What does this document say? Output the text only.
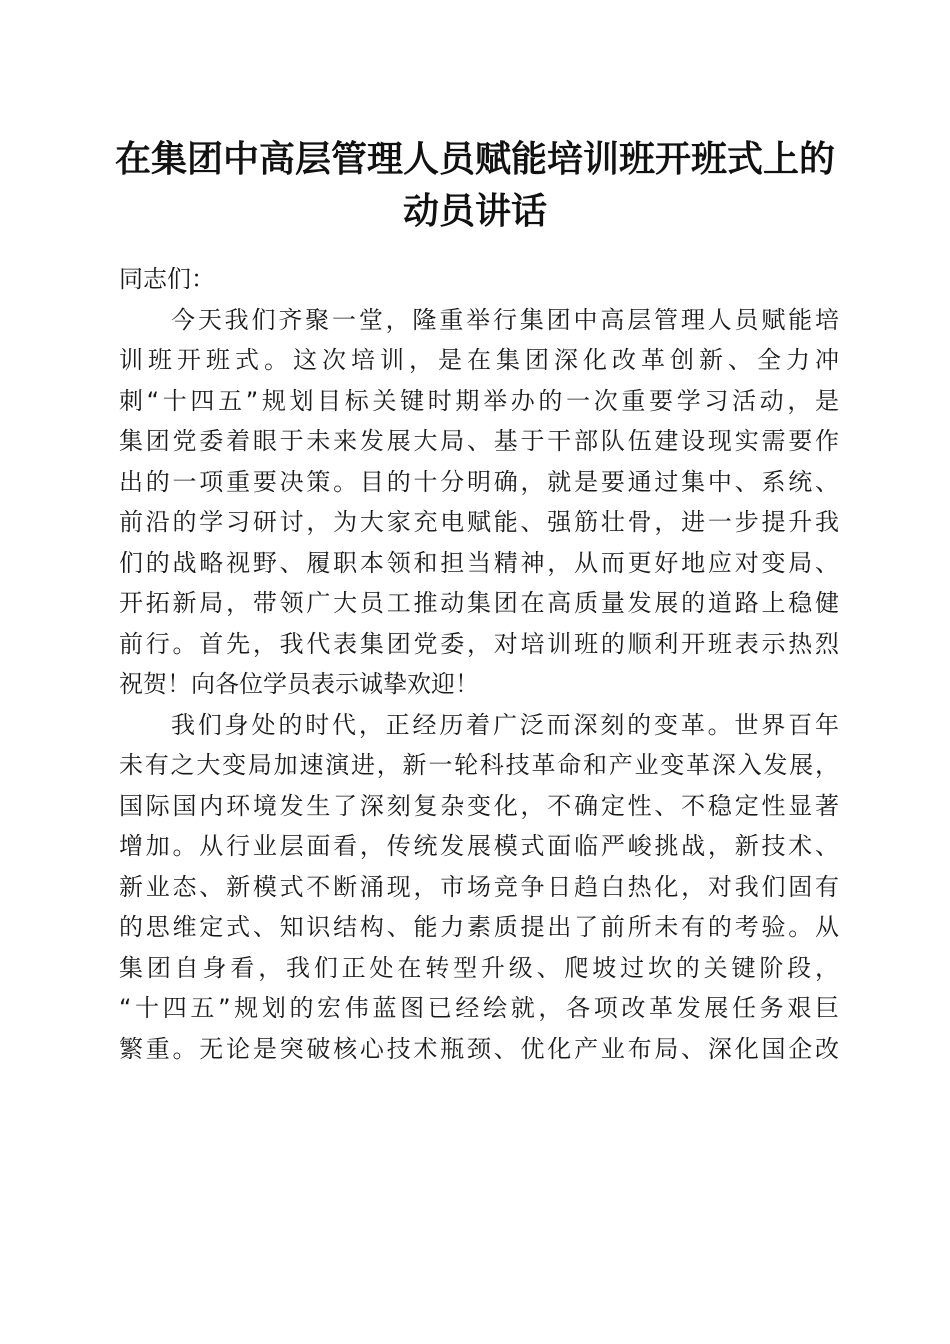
在集团中高层管理人员赋能培训班开班式上的
动员讲话
同志们：
今天我们齐聚一堂，隆重举行集团中高层管理人员赋能培
训班开班式。这次培训，是在集团深化改革创新、全力冲
刺“十四五”规划目标关键时期举办的一次重要学习活动，是
集团党委着眼于未来发展大局、基于干部队伍建设现实需要作
出的一项重要决策。目的十分明确，就是要通过集中、系统、
前沿的学习研讨，为大家充电赋能、强筋壮骨，进一步提升我
们的战略视野、履职本领和担当精神，从而更好地应对变局、
开拓新局，带领广大员工推动集团在高质量发展的道路上稳健
前行。首先，我代表集团党委，对培训班的顺利开班表示热烈
祝贺！向各位学员表示诚挚欢迎！
我们身处的时代，正经历着广泛而深刻的变革。世界百年
未有之大变局加速演进，新一轮科技革命和产业变革深入发展，
国际国内环境发生了深刻复杂变化，不确定性、不稳定性显著
增加。从行业层面看，传统发展模式面临严峻挑战，新技术、
新业态、新模式不断涌现，市场竞争日趋白热化，对我们固有
的思维定式、知识结构、能力素质提出了前所未有的考验。从
集团自身看，我们正处在转型升级、爬坡过坎的关键阶段，
“十四五”规划的宏伟蓝图已经绘就，各项改革发展任务艰巨
繁重。无论是突破核心技术瓶颈、优化产业布局、深化国企改
